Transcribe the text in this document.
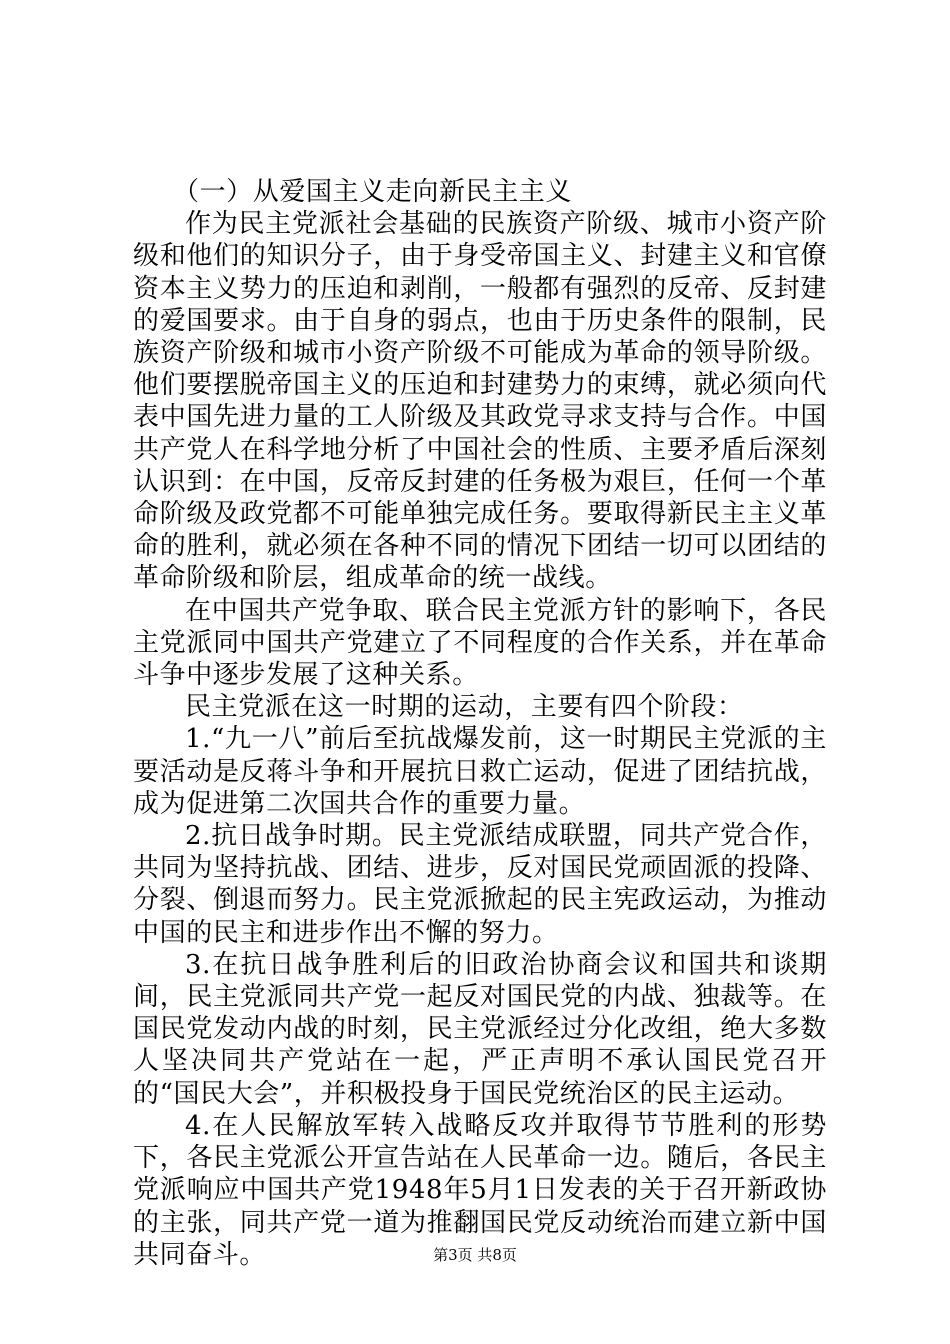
（一）从爱国主义走向新民主主义

作为民主党派社会基础的民族资产阶级、城市小资产阶级和他们的知识分子，由于身受帝国主义、封建主义和官僚资本主义势力的压迫和剥削，一般都有强烈的反帝、反封建的爱国要求。由于自身的弱点，也由于历史条件的限制，民族资产阶级和城市小资产阶级不可能成为革命的领导阶级。他们要摆脱帝国主义的压迫和封建势力的束缚，就必须向代表中国先进力量的工人阶级及其政党寻求支持与合作。中国共产党人在科学地分析了中国社会的性质、主要矛盾后深刻认识到：在中国，反帝反封建的任务极为艰巨，任何一个革命阶级及政党都不可能单独完成任务。要取得新民主主义革命的胜利，就必须在各种不同的情况下团结一切可以团结的革命阶级和阶层，组成革命的统一战线。

在中国共产党争取、联合民主党派方针的影响下，各民主党派同中国共产党建立了不同程度的合作关系，并在革命斗争中逐步发展了这种关系。

民主党派在这一时期的运动，主要有四个阶段：

1.“九一八”前后至抗战爆发前，这一时期民主党派的主要活动是反蒋斗争和开展抗日救亡运动，促进了团结抗战，成为促进第二次国共合作的重要力量。

2.抗日战争时期。民主党派结成联盟，同共产党合作，共同为坚持抗战、团结、进步，反对国民党顽固派的投降、分裂、倒退而努力。民主党派掀起的民主宪政运动，为推动中国的民主和进步作出不懈的努力。

3.在抗日战争胜利后的旧政治协商会议和国共和谈期间，民主党派同共产党一起反对国民党的内战、独裁等。在国民党发动内战的时刻，民主党派经过分化改组，绝大多数人坚决同共产党站在一起，严正声明不承认国民党召开的“国民大会”，并积极投身于国民党统治区的民主运动。

4.在人民解放军转入战略反攻并取得节节胜利的形势下，各民主党派公开宣告站在人民革命一边。随后，各民主党派响应中国共产党1948年5月1日发表的关于召开新政协的主张，同共产党一道为推翻国民党反动统治而建立新中国共同奋斗。	第3页 共8页
